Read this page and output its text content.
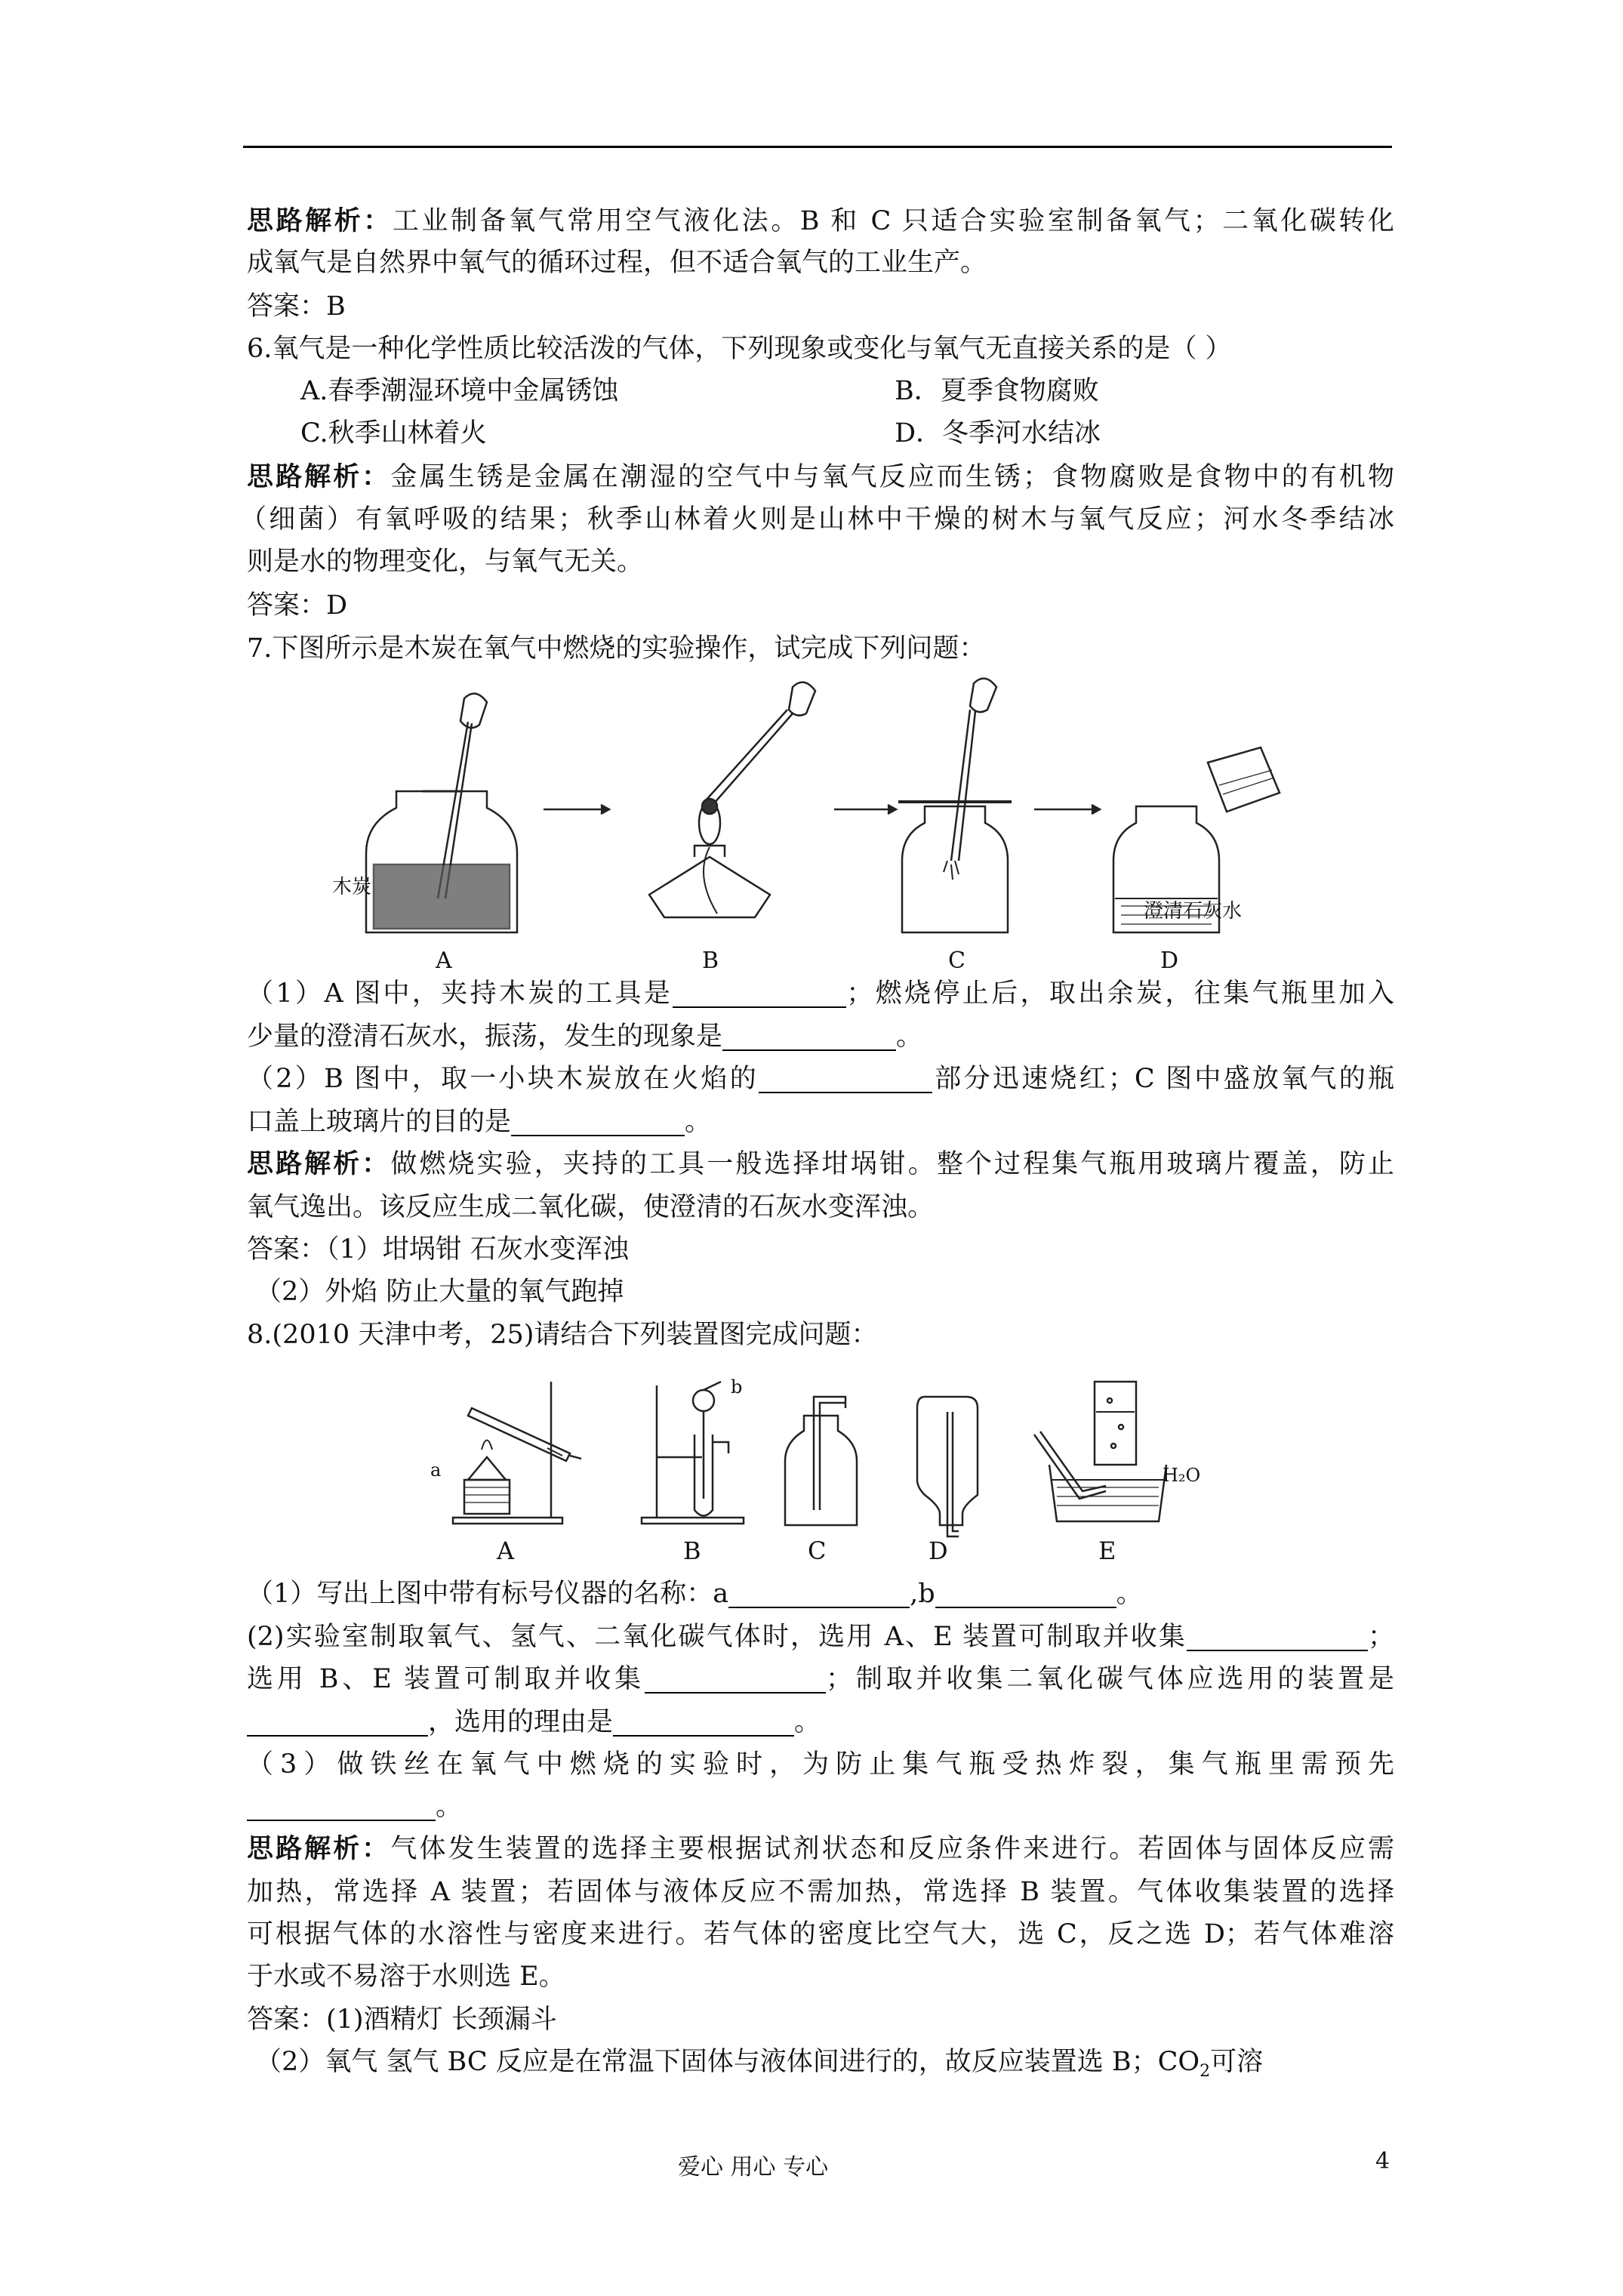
思路解析：工业制备氧气常用空气液化法。B 和 C 只适合实验室制备氧气；二氧化碳转化
成氧气是自然界中氧气的循环过程，但不适合氧气的工业生产。
答案：B
6.氧气是一种化学性质比较活泼的气体，下列现象或变化与氧气无直接关系的是（ ）
A.春季潮湿环境中金属锈蚀	B．夏季食物腐败
C.秋季山林着火	D．冬季河水结冰
思路解析：金属生锈是金属在潮湿的空气中与氧气反应而生锈；食物腐败是食物中的有机物
（细菌）有氧呼吸的结果；秋季山林着火则是山林中干燥的树木与氧气反应；河水冬季结冰
则是水的物理变化，与氧气无关。
答案：D
7.下图所示是木炭在氧气中燃烧的实验操作，试完成下列问题：
木炭
澄清石灰水
A	B	C	D
（1）A 图中，夹持木炭的工具是	；燃烧停止后，取出余炭，往集气瓶里加入
少量的澄清石灰水，振荡，发生的现象是	。
（2）B 图中，取一小块木炭放在火焰的	部分迅速烧红；C 图中盛放氧气的瓶
口盖上玻璃片的目的是	。
思路解析：做燃烧实验，夹持的工具一般选择坩埚钳。整个过程集气瓶用玻璃片覆盖，防止
氧气逸出。该反应生成二氧化碳，使澄清的石灰水变浑浊。
答案：（1）坩埚钳 石灰水变浑浊
（2）外焰 防止大量的氧气跑掉
8.(2010 天津中考，25)请结合下列装置图完成问题：
a
b
H₂O
A	B	C	D	E
（1）写出上图中带有标号仪器的名称：a	,b	。
(2)实验室制取氧气、氢气、二氧化碳气体时，选用 A、E 装置可制取并收集	；
选用 B、E 装置可制取并收集	；制取并收集二氧化碳气体应选用的装置是
，选用的理由是	。
（3）做铁丝在氧气中燃烧的实验时，为防止集气瓶受热炸裂，集气瓶里需预先
。
思路解析：气体发生装置的选择主要根据试剂状态和反应条件来进行。若固体与固体反应需
加热，常选择 A 装置；若固体与液体反应不需加热，常选择 B 装置。气体收集装置的选择
可根据气体的水溶性与密度来进行。若气体的密度比空气大，选 C，反之选 D；若气体难溶
于水或不易溶于水则选 E。
答案：(1)酒精灯 长颈漏斗
（2）氧气 氢气 BC 反应是在常温下固体与液体间进行的，故反应装置选 B；$CO_2$可溶
爱心 用心 专心	4
